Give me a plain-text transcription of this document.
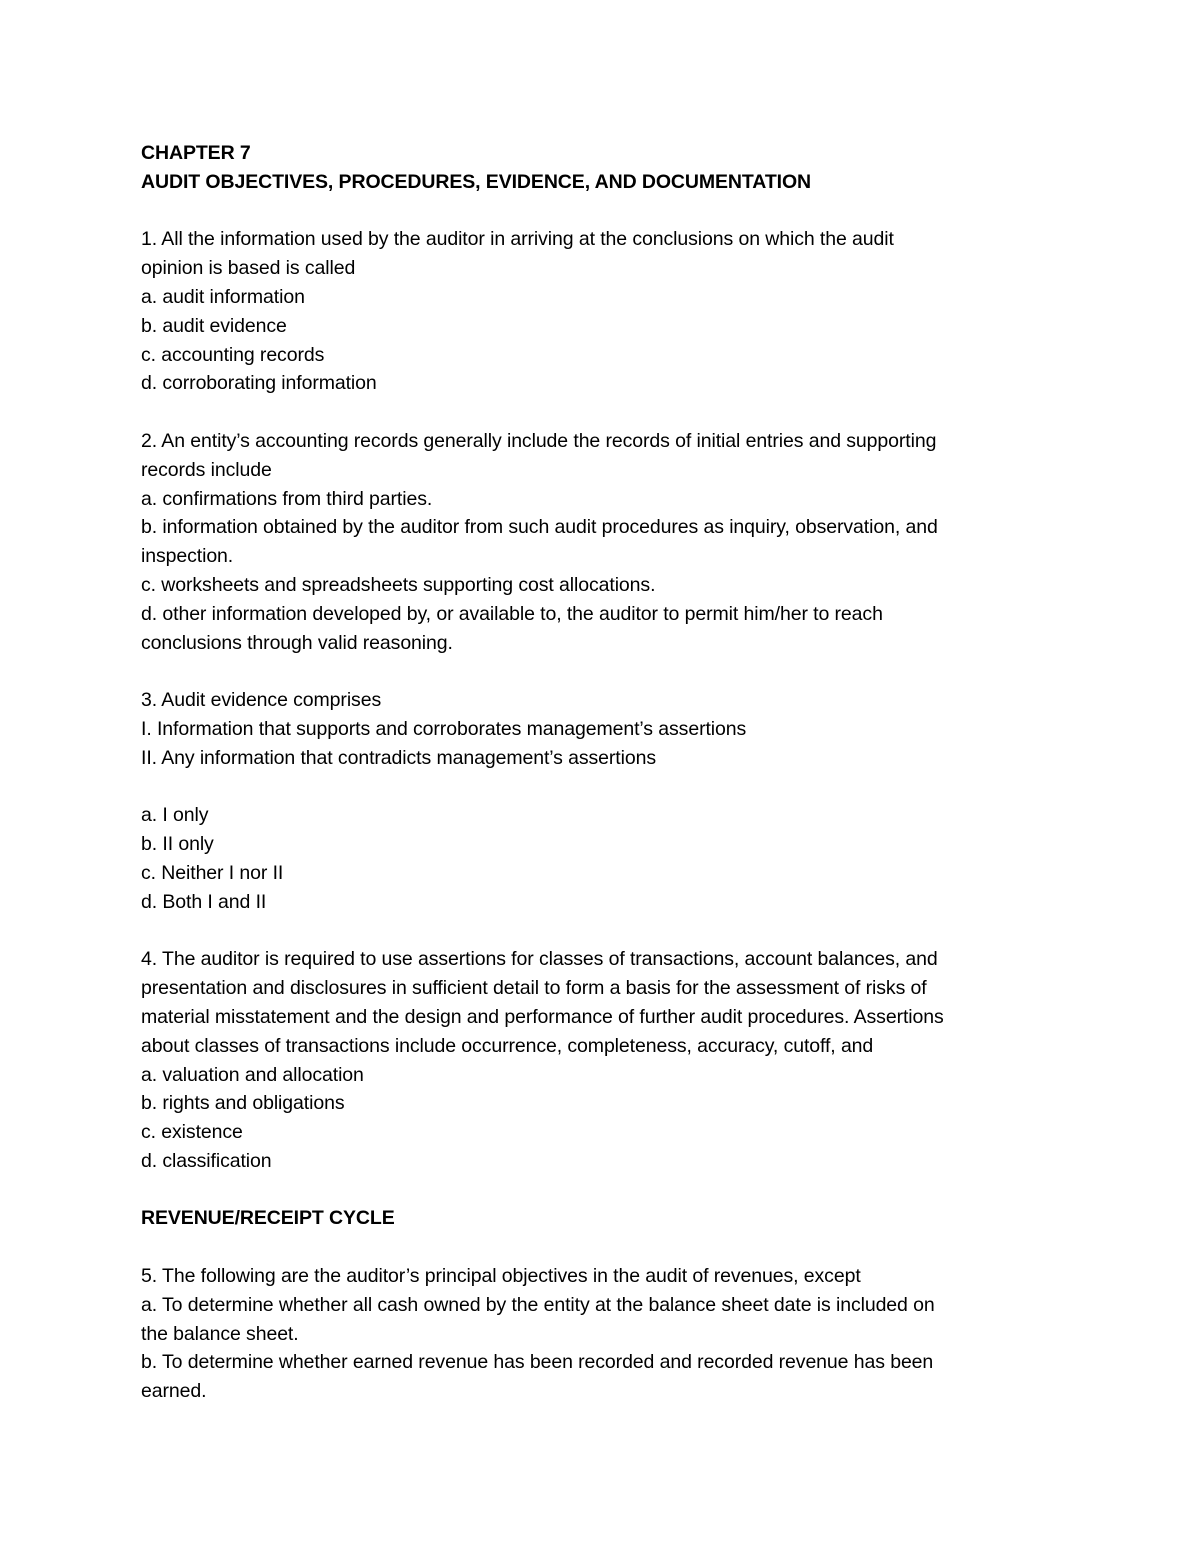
CHAPTER 7
AUDIT OBJECTIVES, PROCEDURES, EVIDENCE, AND DOCUMENTATION
1. All the information used by the auditor in arriving at the conclusions on which the audit
opinion is based is called
a. audit information
b. audit evidence
c. accounting records
d. corroborating information
2. An entity’s accounting records generally include the records of initial entries and supporting
records include
a. confirmations from third parties.
b. information obtained by the auditor from such audit procedures as inquiry, observation, and
inspection.
c. worksheets and spreadsheets supporting cost allocations.
d. other information developed by, or available to, the auditor to permit him/her to reach
conclusions through valid reasoning.
3. Audit evidence comprises
I. Information that supports and corroborates management’s assertions
II. Any information that contradicts management’s assertions
a. I only
b. II only
c. Neither I nor II
d. Both I and II
4. The auditor is required to use assertions for classes of transactions, account balances, and
presentation and disclosures in sufficient detail to form a basis for the assessment of risks of
material misstatement and the design and performance of further audit procedures. Assertions
about classes of transactions include occurrence, completeness, accuracy, cutoff, and
a. valuation and allocation
b. rights and obligations
c. existence
d. classification
REVENUE/RECEIPT CYCLE
5. The following are the auditor’s principal objectives in the audit of revenues, except
a. To determine whether all cash owned by the entity at the balance sheet date is included on
the balance sheet.
b. To determine whether earned revenue has been recorded and recorded revenue has been
earned.
